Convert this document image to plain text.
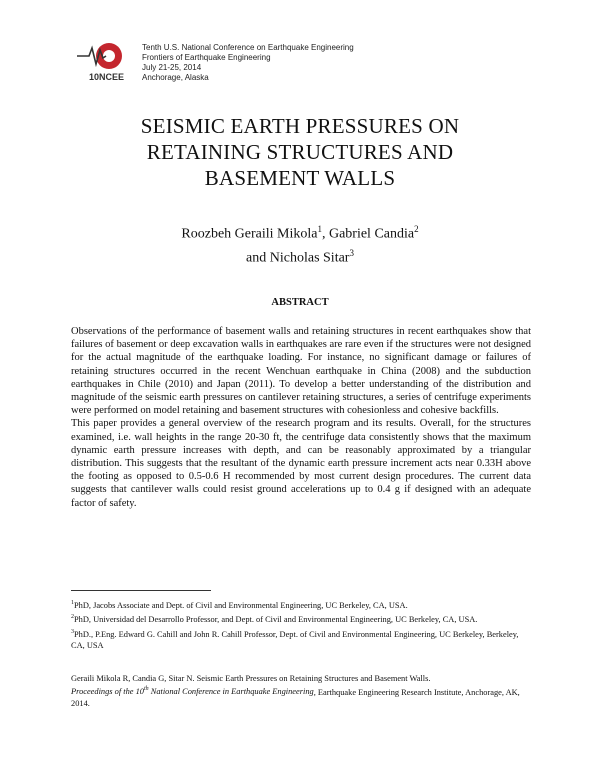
10NCEE
Tenth U.S. National Conference on Earthquake Engineering
Frontiers of Earthquake Engineering
July 21-25, 2014
Anchorage, Alaska
SEISMIC EARTH PRESSURES ON
RETAINING STRUCTURES AND
BASEMENT WALLS
Roozbeh Geraili Mikola$^1$, Gabriel Candia$^2$
and Nicholas Sitar$^3$
ABSTRACT

Observations of the performance of basement walls and retaining structures in recent earthquakes show that failures of basement or deep excavation walls in earthquakes are rare even if the structures were not designed for the actual magnitude of the earthquake loading. For instance, no significant damage or failures of retaining structures occurred in the recent Wenchuan earthquake in China (2008) and the subduction earthquakes in Chile (2010) and Japan (2011). To develop a better understanding of the distribution and magnitude of the seismic earth pressures on cantilever retaining structures, a series of centrifuge experiments were performed on model retaining and basement structures with cohesionless and cohesive backfills.

This paper provides a general overview of the research program and its results. Overall, for the structures examined, i.e. wall heights in the range 20-30 ft, the centrifuge data consistently shows that the maximum dynamic earth pressure increases with depth, and can be reasonably approximated by a triangular distribution. This suggests that the resultant of the dynamic earth pressure increment acts near 0.33H above the footing as opposed to 0.5-0.6 H recommended by most current design procedures. The current data suggests that cantilever walls could resist ground accelerations up to 0.4 g if designed with an adequate factor of safety.

$^1$PhD, Jacobs Associate and Dept. of Civil and Environmental Engineering, UC Berkeley, CA, USA.

$^2$PhD, Universidad del Desarrollo Professor, and Dept. of Civil and Environmental Engineering, UC Berkeley, CA, USA.

$^3$PhD., P.Eng. Edward G. Cahill and John R. Cahill Professor, Dept. of Civil and Environmental Engineering, UC Berkeley, Berkeley, CA, USA

Geraili Mikola R, Candia G, Sitar N. Seismic Earth Pressures on Retaining Structures and Basement Walls.

Proceedings of the 10th National Conference in Earthquake Engineering, Earthquake Engineering Research Institute, Anchorage, AK, 2014.
